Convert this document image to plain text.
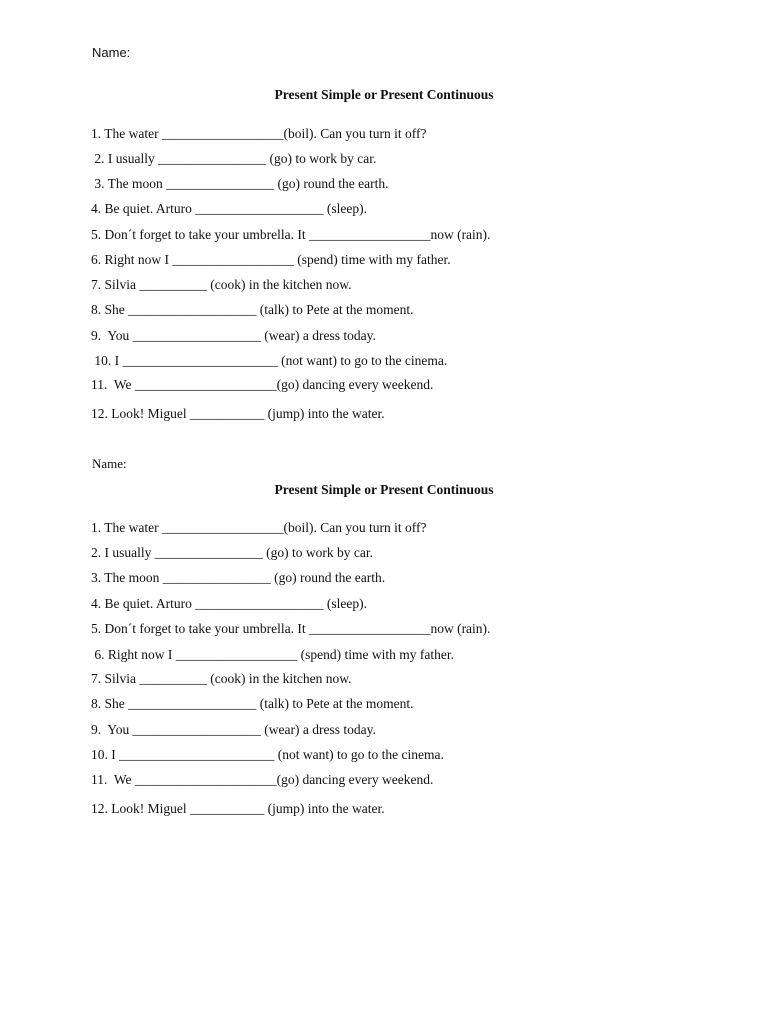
Name:
Present Simple or Present Continuous
1. The water __________________(boil). Can you turn it off?
2. I usually ________________ (go) to work by car.
3. The moon ________________ (go) round the earth.
4. Be quiet. Arturo ___________________ (sleep).
5. Don´t forget to take your umbrella. It __________________now (rain).
6. Right now I __________________ (spend) time with my father.
7. Silvia __________ (cook) in the kitchen now.
8. She ___________________ (talk) to Pete at the moment.
9.  You ___________________ (wear) a dress today.
10. I _______________________ (not want) to go to the cinema.
11.  We _____________________(go) dancing every weekend.
12. Look! Miguel ___________ (jump) into the water.
Name:
Present Simple or Present Continuous
1. The water __________________(boil). Can you turn it off?
2. I usually ________________ (go) to work by car.
3. The moon ________________ (go) round the earth.
4. Be quiet. Arturo ___________________ (sleep).
5. Don´t forget to take your umbrella. It __________________now (rain).
6. Right now I __________________ (spend) time with my father.
7. Silvia __________ (cook) in the kitchen now.
8. She ___________________ (talk) to Pete at the moment.
9.  You ___________________ (wear) a dress today.
10. I _______________________ (not want) to go to the cinema.
11.  We _____________________(go) dancing every weekend.
12. Look! Miguel ___________ (jump) into the water.
